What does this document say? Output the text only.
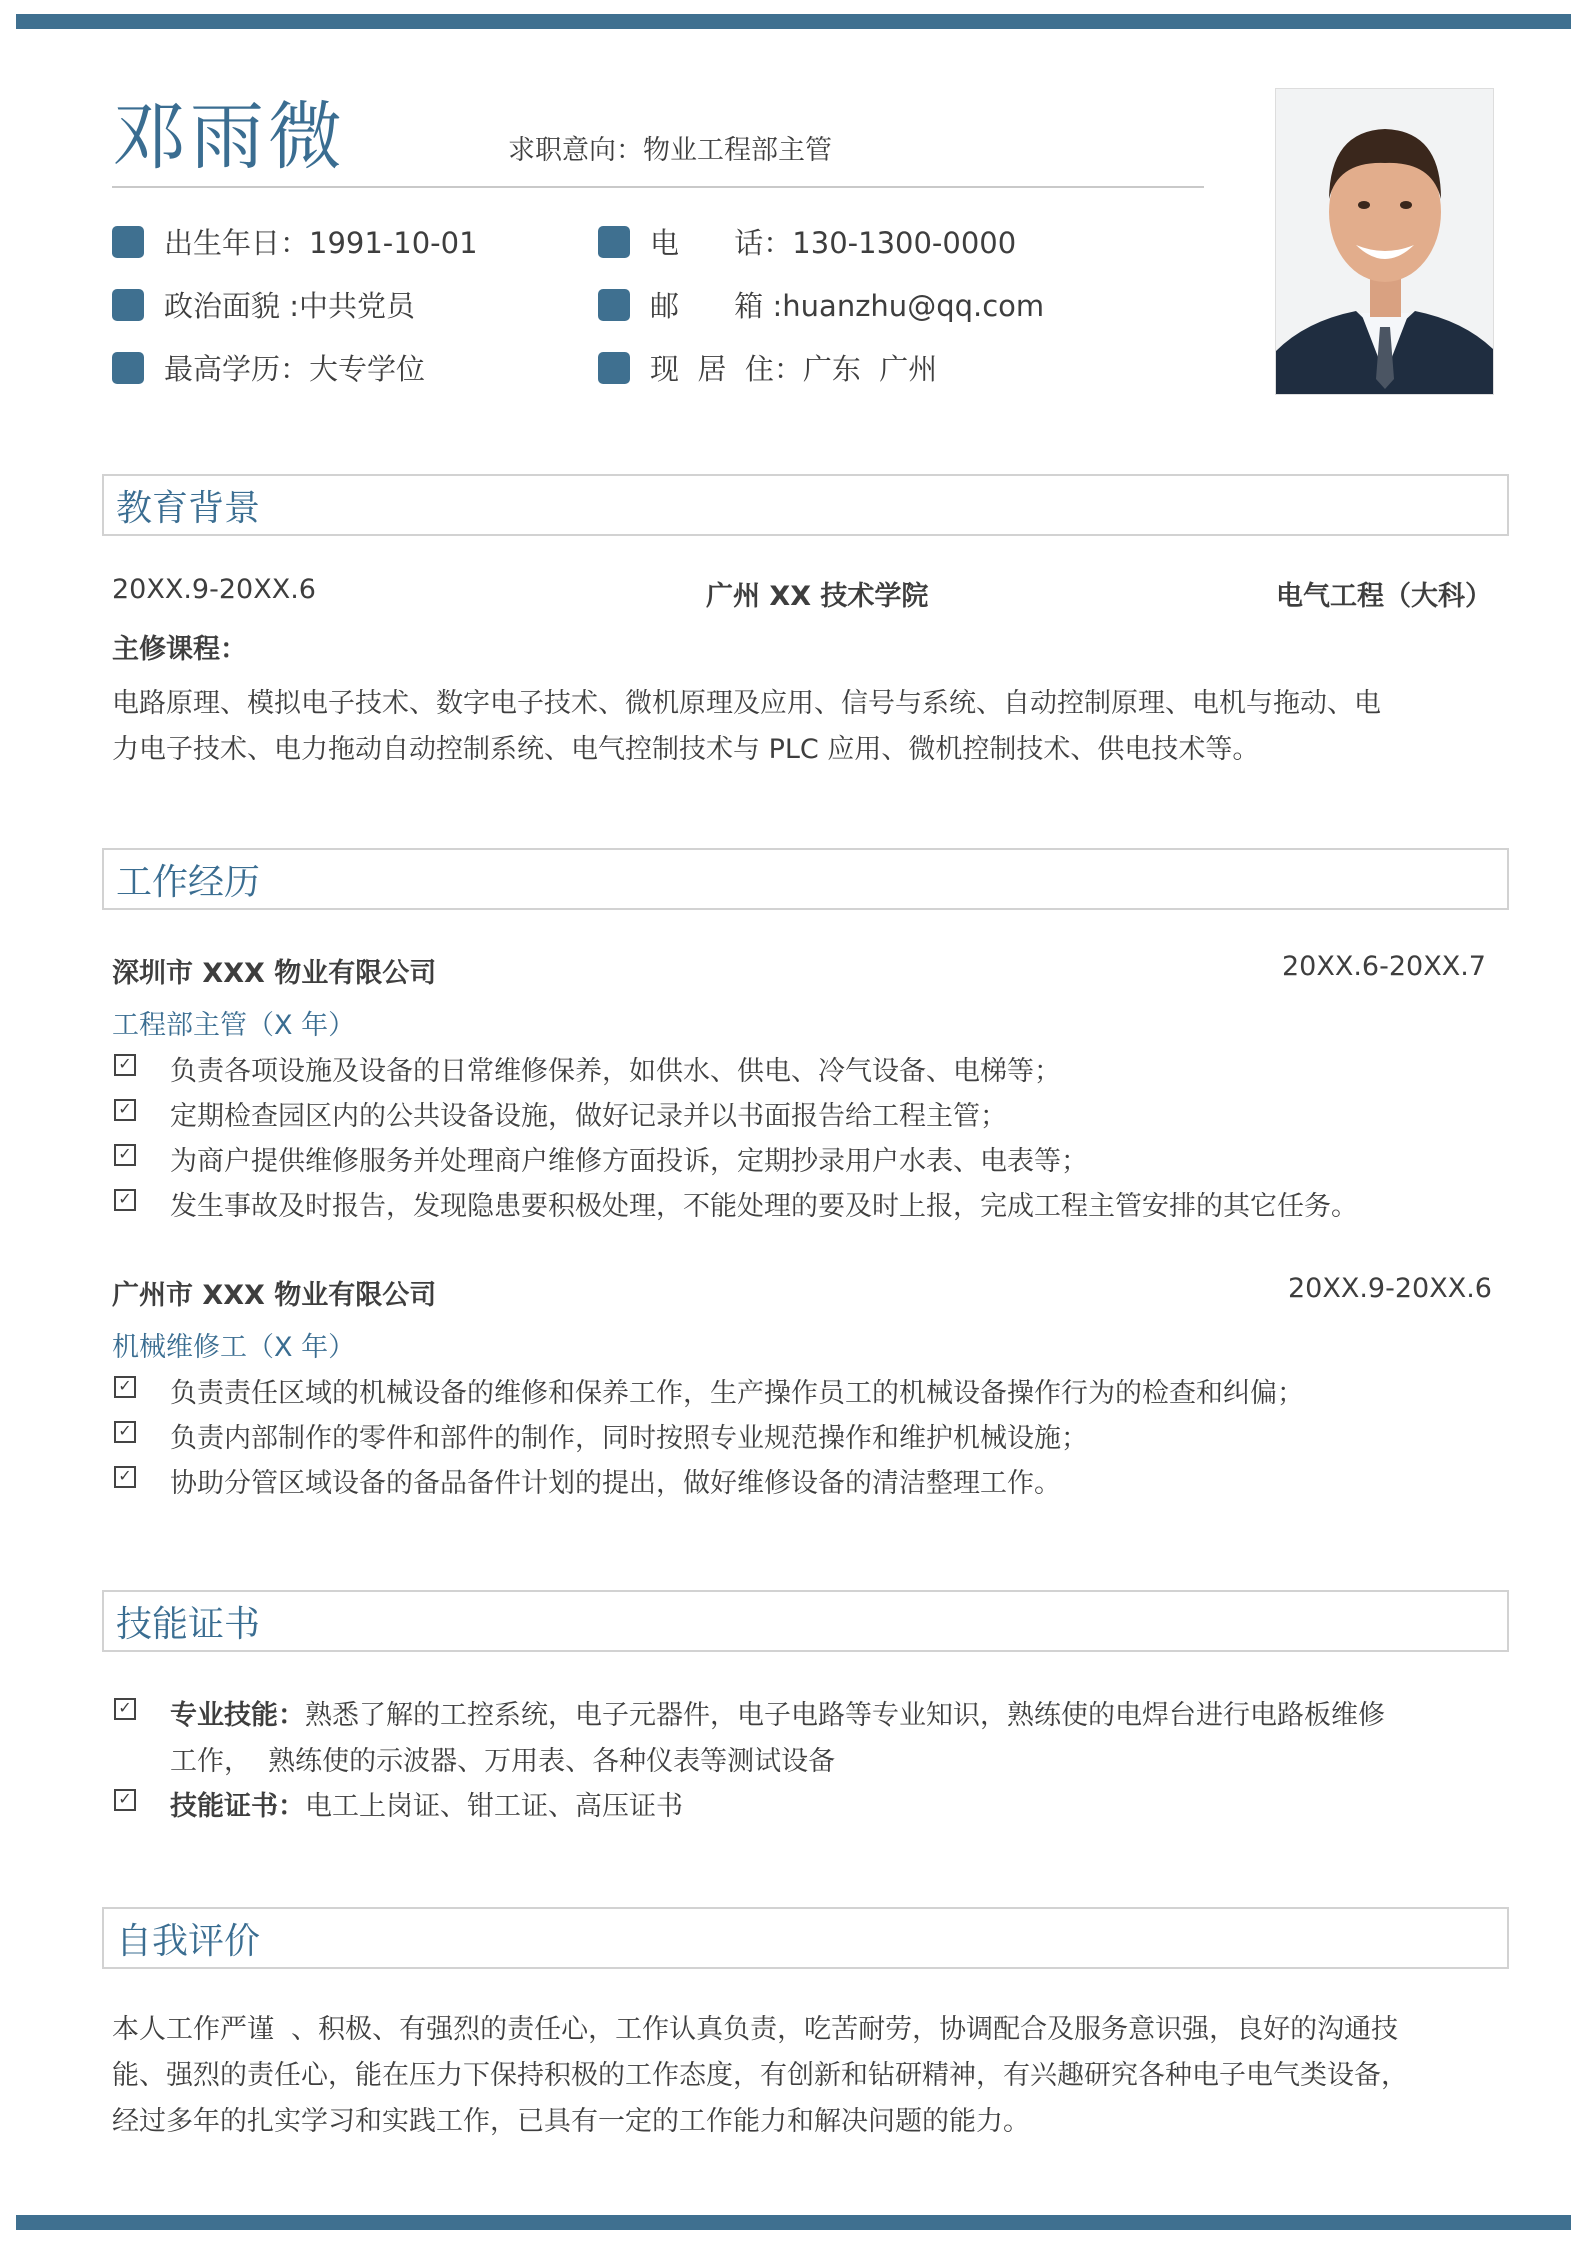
邓雨微	求职意向：物业工程部主管
出生年日：1991-10-01
政治面貌 :中共党员
最高学历：大专学位
电      话：130-1300-0000
邮      箱 :huanzhu@qq.com
现  居  住：广东  广州
教育背景
20XX.9-20XX.6	广州 XX 技术学院	电气工程（大科）
主修课程：
电路原理、模拟电子技术、数字电子技术、微机原理及应用、信号与系统、自动控制原理、电机与拖动、电
力电子技术、电力拖动自动控制系统、电气控制技术与 PLC 应用、微机控制技术、供电技术等。
工作经历
深圳市 XXX 物业有限公司	20XX.6-20XX.7
工程部主管（X 年）
✓ 负责各项设施及设备的日常维修保养，如供水、供电、冷气设备、电梯等；
✓ 定期检查园区内的公共设备设施，做好记录并以书面报告给工程主管；
✓ 为商户提供维修服务并处理商户维修方面投诉，定期抄录用户水表、电表等；
✓ 发生事故及时报告，发现隐患要积极处理，不能处理的要及时上报，完成工程主管安排的其它任务。
广州市 XXX 物业有限公司	20XX.9-20XX.6
机械维修工（X 年）
✓ 负责责任区域的机械设备的维修和保养工作，生产操作员工的机械设备操作行为的检查和纠偏；
✓ 负责内部制作的零件和部件的制作，同时按照专业规范操作和维护机械设施；
✓ 协助分管区域设备的备品备件计划的提出，做好维修设备的清洁整理工作。
技能证书
✓ 专业技能：熟悉了解的工控系统，电子元器件，电子电路等专业知识，熟练使的电焊台进行电路板维修
工作，  熟练使的示波器、万用表、各种仪表等测试设备
✓ 技能证书：电工上岗证、钳工证、高压证书
自我评价
本人工作严谨  、积极、有强烈的责任心，工作认真负责，吃苦耐劳，协调配合及服务意识强，良好的沟通技
能、强烈的责任心，能在压力下保持积极的工作态度，有创新和钻研精神，有兴趣研究各种电子电气类设备，
经过多年的扎实学习和实践工作，已具有一定的工作能力和解决问题的能力。
